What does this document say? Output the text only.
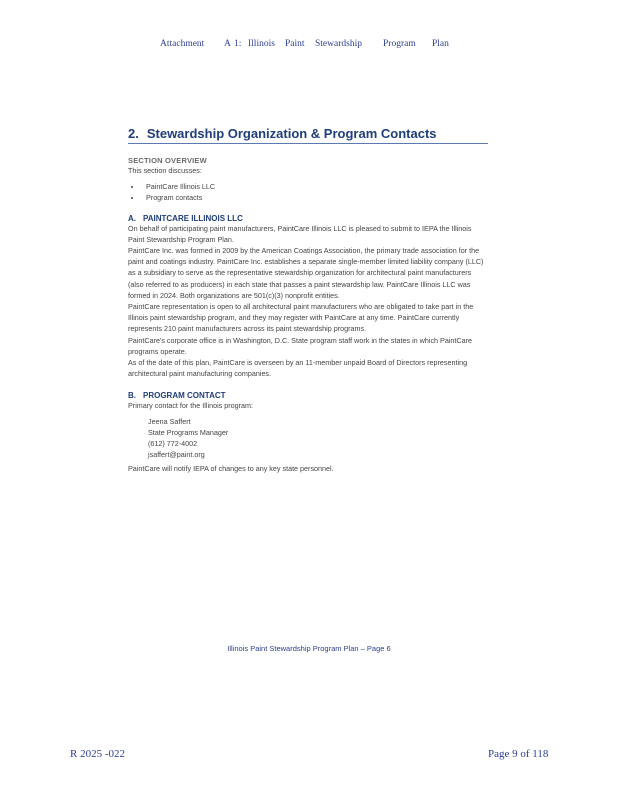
Attachment A 1: Illinois Paint Stewardship Program Plan
2. Stewardship Organization & Program Contacts
SECTION OVERVIEW

This section discusses:

• PaintCare Illinois LLC
• Program contacts
A. PAINTCARE ILLINOIS LLC

On behalf of participating paint manufacturers, PaintCare Illinois LLC is pleased to submit to IEPA the Illinois Paint Stewardship Program Plan.

PaintCare Inc. was formed in 2009 by the American Coatings Association, the primary trade association for the paint and coatings industry. PaintCare Inc. establishes a separate single-member limited liability company (LLC) as a subsidiary to serve as the representative stewardship organization for architectural paint manufacturers (also referred to as producers) in each state that passes a paint stewardship law. PaintCare Illinois LLC was formed in 2024. Both organizations are 501(c)(3) nonprofit entities.

PaintCare representation is open to all architectural paint manufacturers who are obligated to take part in the Illinois paint stewardship program, and they may register with PaintCare at any time. PaintCare currently represents 210 paint manufacturers across its paint stewardship programs.

PaintCare's corporate office is in Washington, D.C. State program staff work in the states in which PaintCare programs operate.

As of the date of this plan, PaintCare is overseen by an 11-member unpaid Board of Directors representing architectural paint manufacturing companies.

B. PROGRAM CONTACT

Primary contact for the Illinois program:

Jeena Saffert
State Programs Manager
(612) 772-4002
jsaffert@paint.org

PaintCare will notify IEPA of changes to any key state personnel.

Illinois Paint Stewardship Program Plan – Page 6
R 2025 -022	Page 9 of 118
